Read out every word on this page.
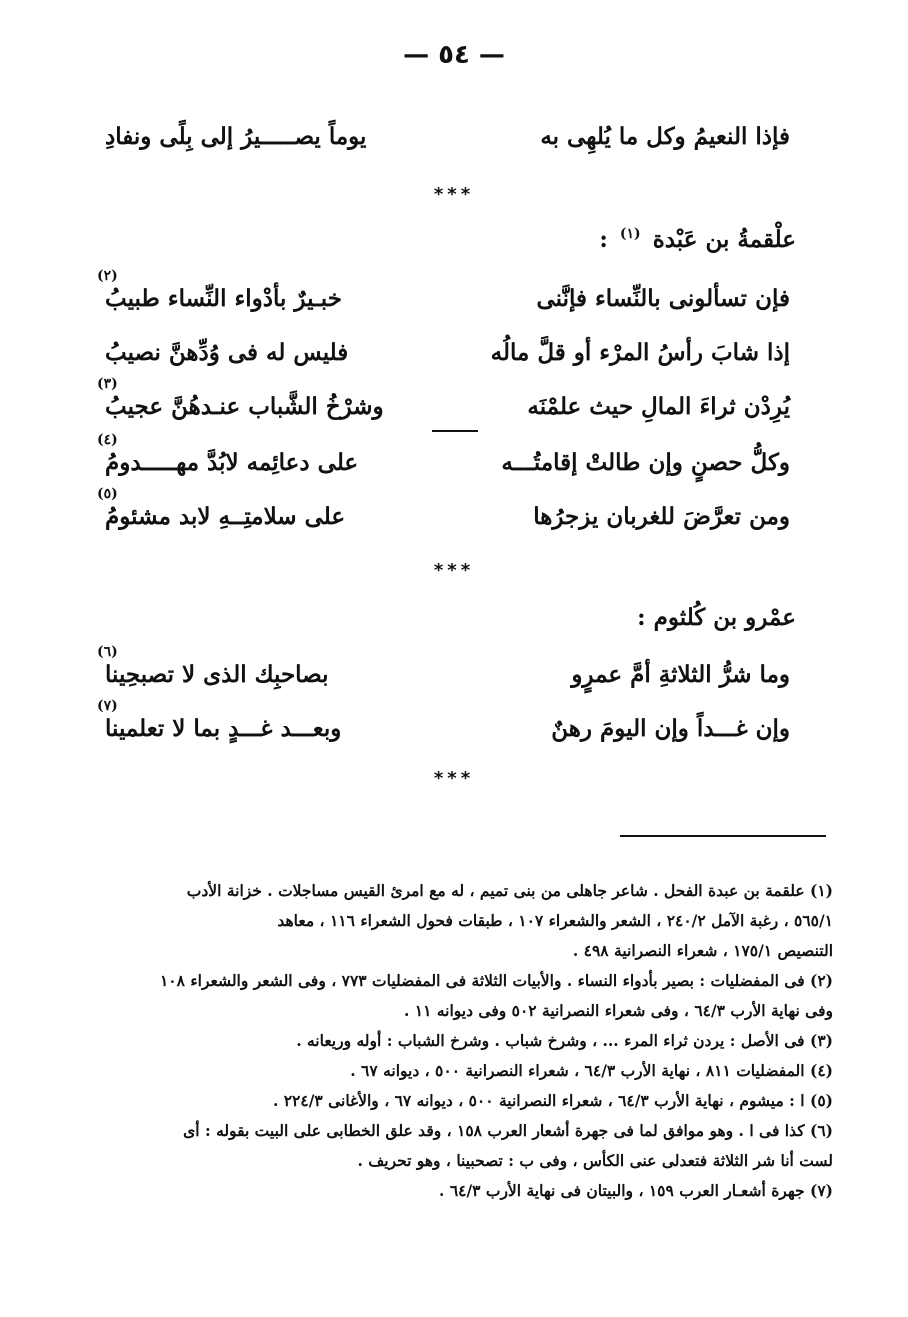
— ٥٤ —
فإذا النعيمُ وكل ما يُلهِى به
يوماً يصـــــيرُ إلى بِلًى ونفادِ
***
علْقمةُ بن عَبْدة $^{(١)}$ :
فإن تسألونى بالنِّساء فإنَّنى
خبـيرٌ بأدْواء النِّساء طبيبُ
(٢)
إذا شابَ رأسُ المرْء أو قلَّ مالُه
فليس له فى وُدِّهنَّ نصيبُ
يُرِدْن ثراءَ المالِ حيث علمْنَه
وشرْخُ الشَّباب عنـدهُنَّ عجيبُ
(٣)
وكلُّ حصنٍ وإن طالتْ إقامتُـــه
على دعائِمه لابُدَّ مهـــــدومُ
(٤)
ومن تعرَّضَ للغربان يزجرُها
على سلامتِــهِ لابد مشئومُ
(٥)
***
عمْرو بن كُلثوم :
وما شرُّ الثلاثةِ أمَّ عمرٍو
بصاحبِك الذى لا تصبحِينا
(٦)
وإن غـــداً وإن اليومَ رهنٌ
وبعـــد غـــدٍ بما لا تعلمينا
(٧)
***

(١) علقمة بن عبدة الفحل . شاعر جاهلى من بنى تميم ، له مع امرئ القيس مساجلات . خزانة الأدب
٥٦٥/١ ، رغبة الآمل ٢٤٠/٢ ، الشعر والشعراء ١٠٧ ، طبقات فحول الشعراء ١١٦ ، معاهد
التنصيص ١٧٥/١ ، شعراء النصرانية ٤٩٨ .

(٢) فى المفضليات : بصير بأدواء النساء . والأبيات الثلاثة فى المفضليات ٧٧٣ ، وفى الشعر والشعراء ١٠٨
وفى نهاية الأرب ٦٤/٣ ، وفى شعراء النصرانية ٥٠٢ وفى ديوانه ١١ .

(٣) فى الأصل : يردن ثراء المرء ... ، وشرخ شباب . وشرخ الشباب : أوله وريعانه .

(٤) المفضليات ٨١١ ، نهاية الأرب ٦٤/٣ ، شعراء النصرانية ٥٠٠ ، ديوانه ٦٧ .

(٥) ا : ميشوم ، نهاية الأرب ٦٤/٣ ، شعراء النصرانية ٥٠٠ ، ديوانه ٦٧ ، والأغانى ٢٢٤/٣ .

(٦) كذا فى ا . وهو موافق لما فى جهرة أشعار العرب ١٥٨ ، وقد علق الخطابى على البيت بقوله : أى
لست أنا شر الثلاثة فتعدلى عنى الكأس ، وفى ب : تصحبينا ، وهو تحريف .

(٧) جهرة أشعـار العرب ١٥٩ ، والبيتان فى نهاية الأرب ٦٤/٣ .
